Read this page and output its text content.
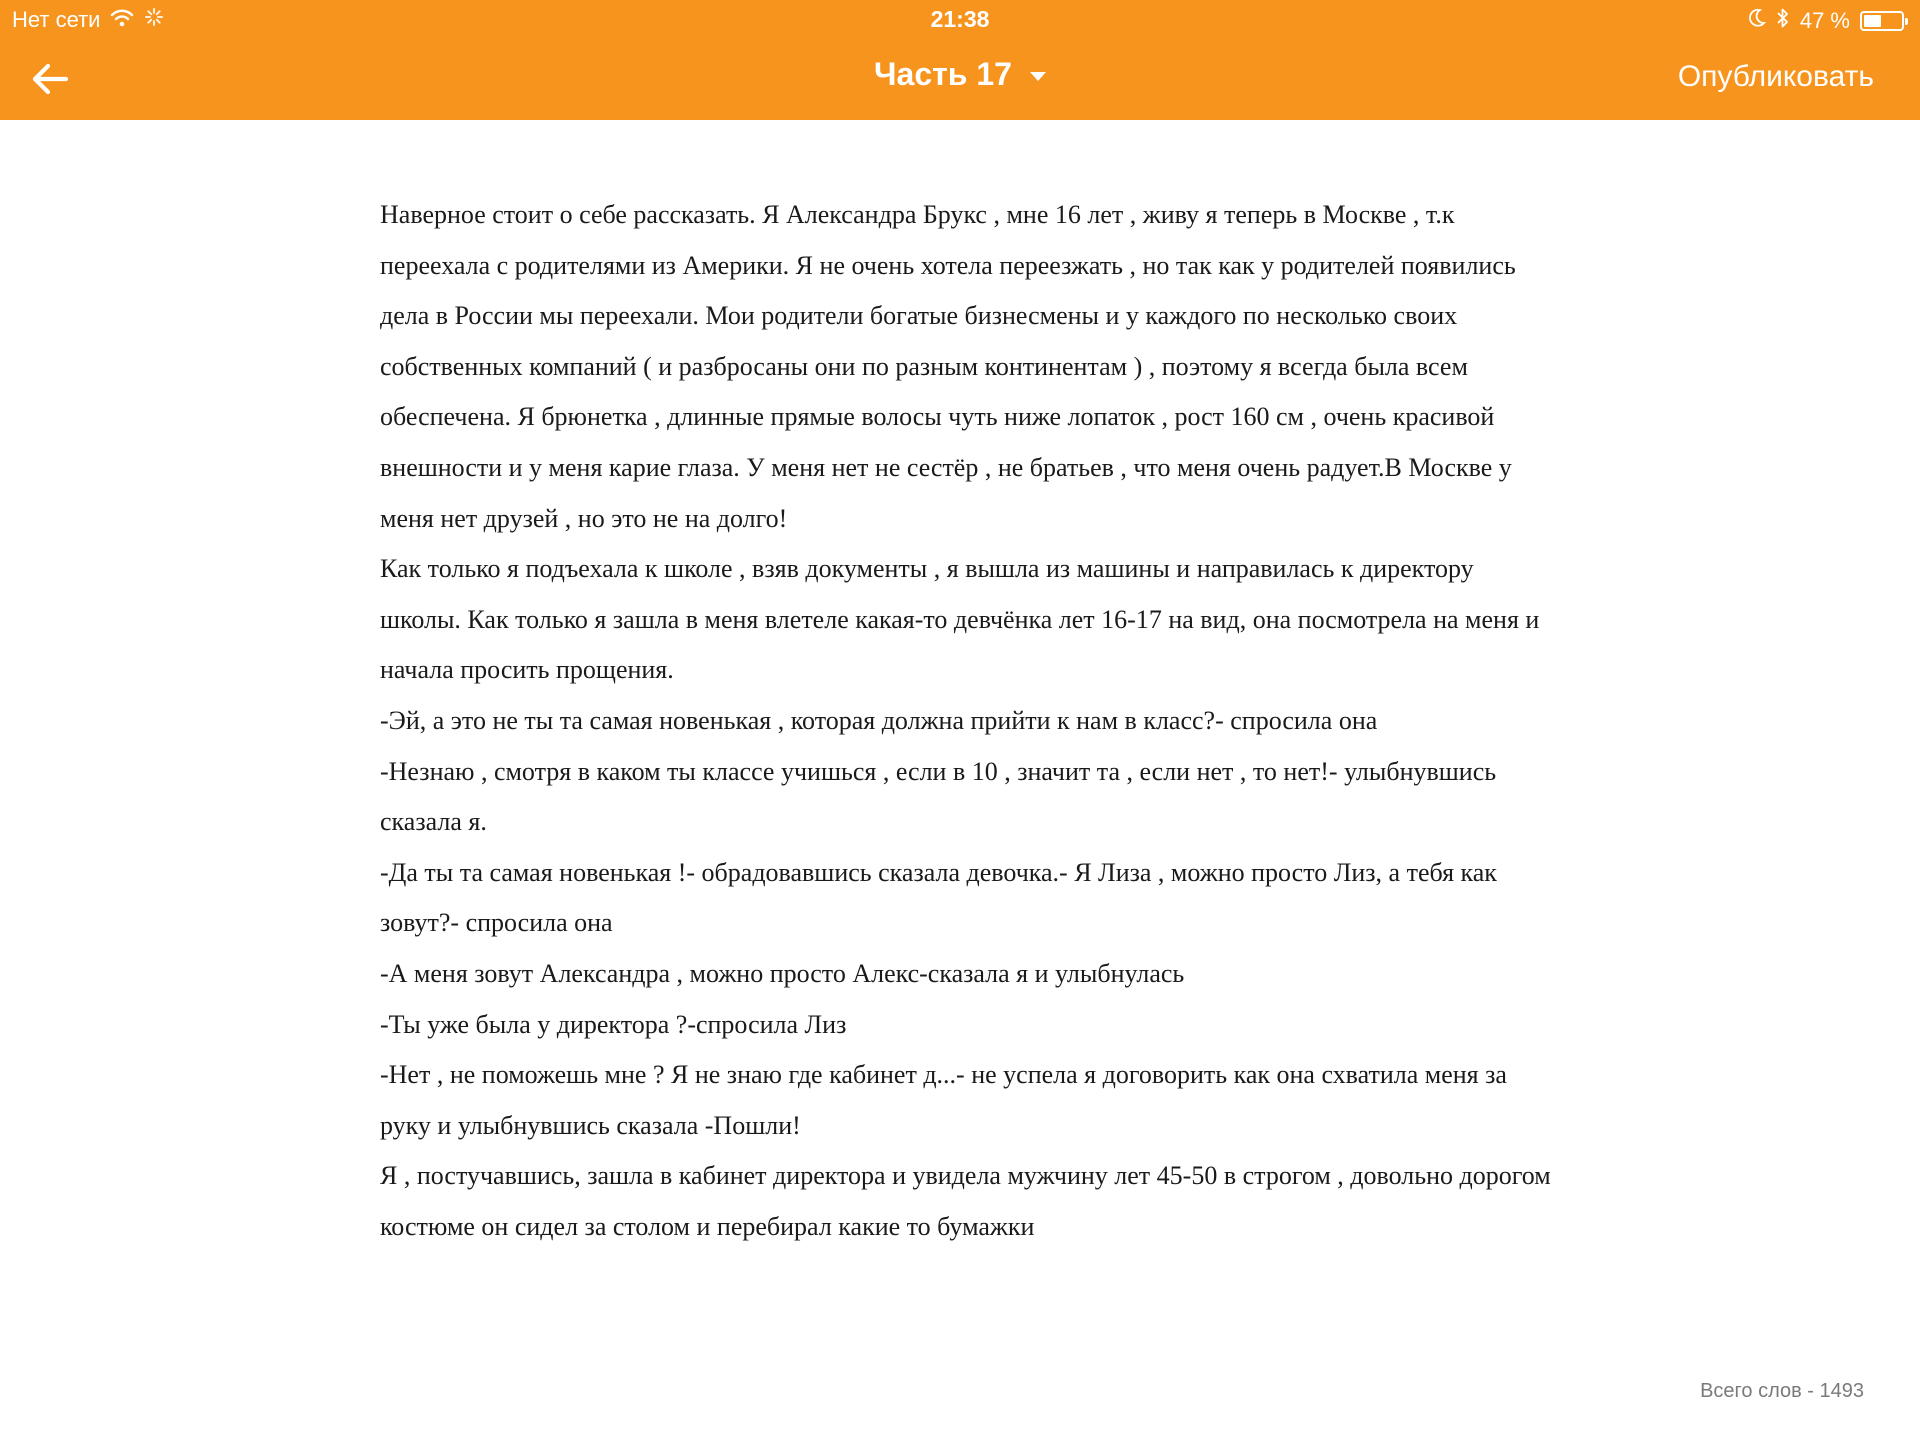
Нет сети	21:38	47 %
Часть 17	Опубликовать

Наверное стоит о себе рассказать. Я Александра Брукс , мне 16 лет , живу я теперь в Москве , т.к переехала с родителями из Америки. Я не очень хотела переезжать , но так как у родителей появились дела в России мы переехали. Мои родители богатые бизнесмены и у каждого по несколько своих собственных компаний ( и разбросаны они по разным континентам ) , поэтому я всегда была всем обеспечена. Я брюнетка , длинные прямые волосы чуть ниже лопаток , рост 160 см , очень красивой внешности и у меня карие глаза. У меня нет не сестёр , не братьев , что меня очень радует.В Москве у меня нет друзей , но это не на долго!

Как только я подъехала к школе , взяв документы , я вышла из машины и направилась к директору школы. Как только я зашла в меня влетеле какая-то девчёнка лет 16-17 на вид, она посмотрела на меня и начала просить прощения.

-Эй, а это не ты та самая новенькая , которая должна прийти к нам в класс?- спросила она

-Незнаю , смотря в каком ты классе учишься , если в 10 , значит та , если нет , то нет!- улыбнувшись сказала я.

-Да ты та самая новенькая !- обрадовавшись сказала девочка.- Я Лиза , можно просто Лиз, а тебя как зовут?- спросила она

-А меня зовут Александра , можно просто Алекс-сказала я и улыбнулась

-Ты уже была у директора ?-спросила Лиз

-Нет , не поможешь мне ? Я не знаю где кабинет д...- не успела я договорить как она схватила меня за руку и улыбнувшись сказала -Пошли!

Я , постучавшись, зашла в кабинет директора и увидела мужчину лет 45-50 в строгом , довольно дорогом костюме он сидел за столом и перебирал какие то бумажки

Всего слов - 1493
